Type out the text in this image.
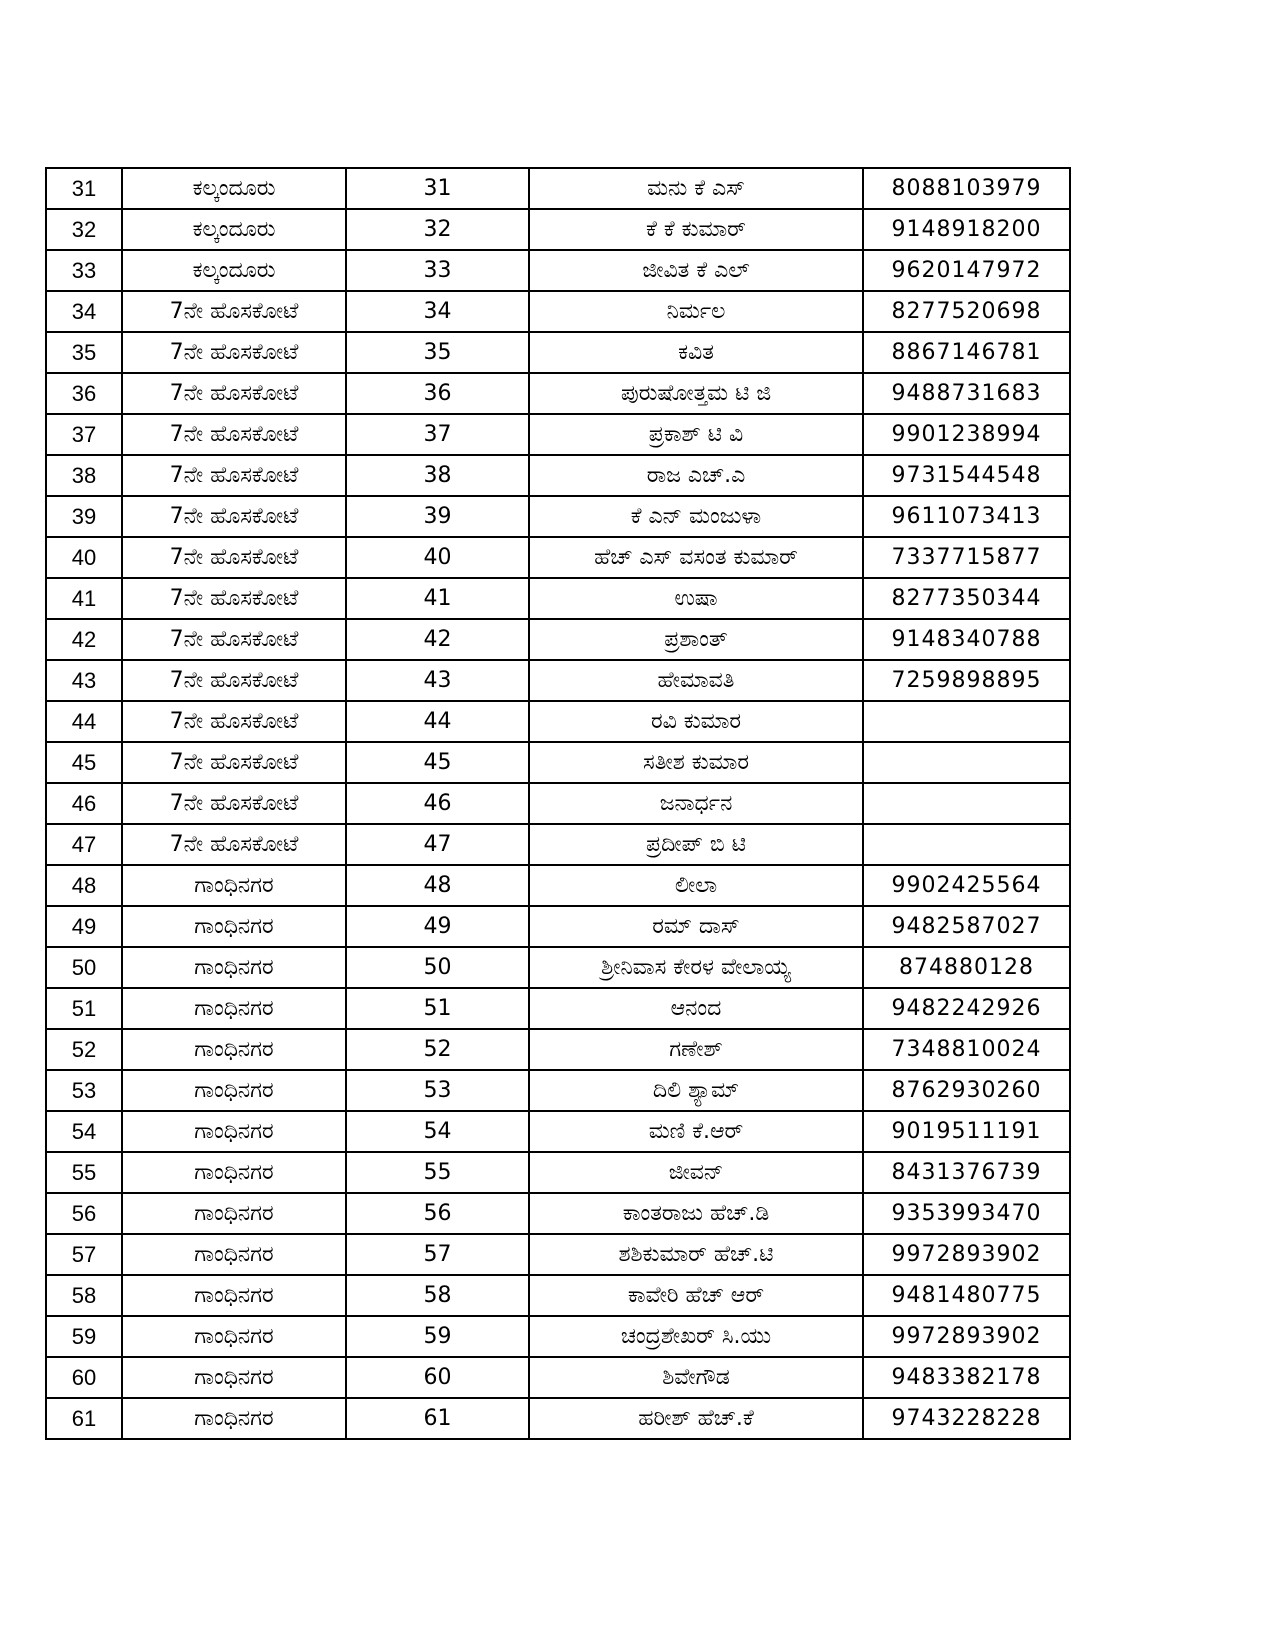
31	ಕಲ್ಕಂದೂರು	31	ಮನು ಕೆ ಎಸ್	8088103979
32	ಕಲ್ಕಂದೂರು	32	ಕೆ ಕೆ ಕುಮಾರ್	9148918200
33	ಕಲ್ಕಂದೂರು	33	ಜೀವಿತ ಕೆ ಎಲ್	9620147972
34	7ನೇ ಹೊಸಕೋಟೆ	34	ನಿರ್ಮಲ	8277520698
35	7ನೇ ಹೊಸಕೋಟೆ	35	ಕವಿತ	8867146781
36	7ನೇ ಹೊಸಕೋಟೆ	36	ಪುರುಷೋತ್ತಮ ಟಿ ಜಿ	9488731683
37	7ನೇ ಹೊಸಕೋಟೆ	37	ಪ್ರಕಾಶ್ ಟಿ ವಿ	9901238994
38	7ನೇ ಹೊಸಕೋಟೆ	38	ರಾಜ ಎಚ್.ಎ	9731544548
39	7ನೇ ಹೊಸಕೋಟೆ	39	ಕೆ ಎನ್ ಮಂಜುಳಾ	9611073413
40	7ನೇ ಹೊಸಕೋಟೆ	40	ಹೆಚ್ ಎಸ್ ವಸಂತ ಕುಮಾರ್	7337715877
41	7ನೇ ಹೊಸಕೋಟೆ	41	ಉಷಾ	8277350344
42	7ನೇ ಹೊಸಕೋಟೆ	42	ಪ್ರಶಾಂತ್	9148340788
43	7ನೇ ಹೊಸಕೋಟೆ	43	ಹೇಮಾವತಿ	7259898895
44	7ನೇ ಹೊಸಕೋಟೆ	44	ರವಿ ಕುಮಾರ	
45	7ನೇ ಹೊಸಕೋಟೆ	45	ಸತೀಶ ಕುಮಾರ	
46	7ನೇ ಹೊಸಕೋಟೆ	46	ಜನಾರ್ಧನ	
47	7ನೇ ಹೊಸಕೋಟೆ	47	ಪ್ರದೀಪ್ ಬಿ ಟಿ	
48	ಗಾಂಧಿನಗರ	48	ಲೀಲಾ	9902425564
49	ಗಾಂಧಿನಗರ	49	ರಮ್ ದಾಸ್	9482587027
50	ಗಾಂಧಿನಗರ	50	ಶ್ರೀನಿವಾಸ ಕೇರಳ ವೇಲಾಯ್ಯ	874880128
51	ಗಾಂಧಿನಗರ	51	ಆನಂದ	9482242926
52	ಗಾಂಧಿನಗರ	52	ಗಣೇಶ್	7348810024
53	ಗಾಂಧಿನಗರ	53	ದಿಲಿ ಶ್ಯಾಮ್	8762930260
54	ಗಾಂಧಿನಗರ	54	ಮಣಿ ಕೆ.ಆರ್	9019511191
55	ಗಾಂಧಿನಗರ	55	ಜೀವನ್	8431376739
56	ಗಾಂಧಿನಗರ	56	ಕಾಂತರಾಜು ಹೆಚ್.ಡಿ	9353993470
57	ಗಾಂಧಿನಗರ	57	ಶಶಿಕುಮಾರ್ ಹೆಚ್.ಟಿ	9972893902
58	ಗಾಂಧಿನಗರ	58	ಕಾವೇರಿ ಹೆಚ್ ಆರ್	9481480775
59	ಗಾಂಧಿನಗರ	59	ಚಂದ್ರಶೇಖರ್ ಸಿ.ಯು	9972893902
60	ಗಾಂಧಿನಗರ	60	ಶಿವೇಗೌಡ	9483382178
61	ಗಾಂಧಿನಗರ	61	ಹರೀಶ್ ಹೆಚ್.ಕೆ	9743228228
